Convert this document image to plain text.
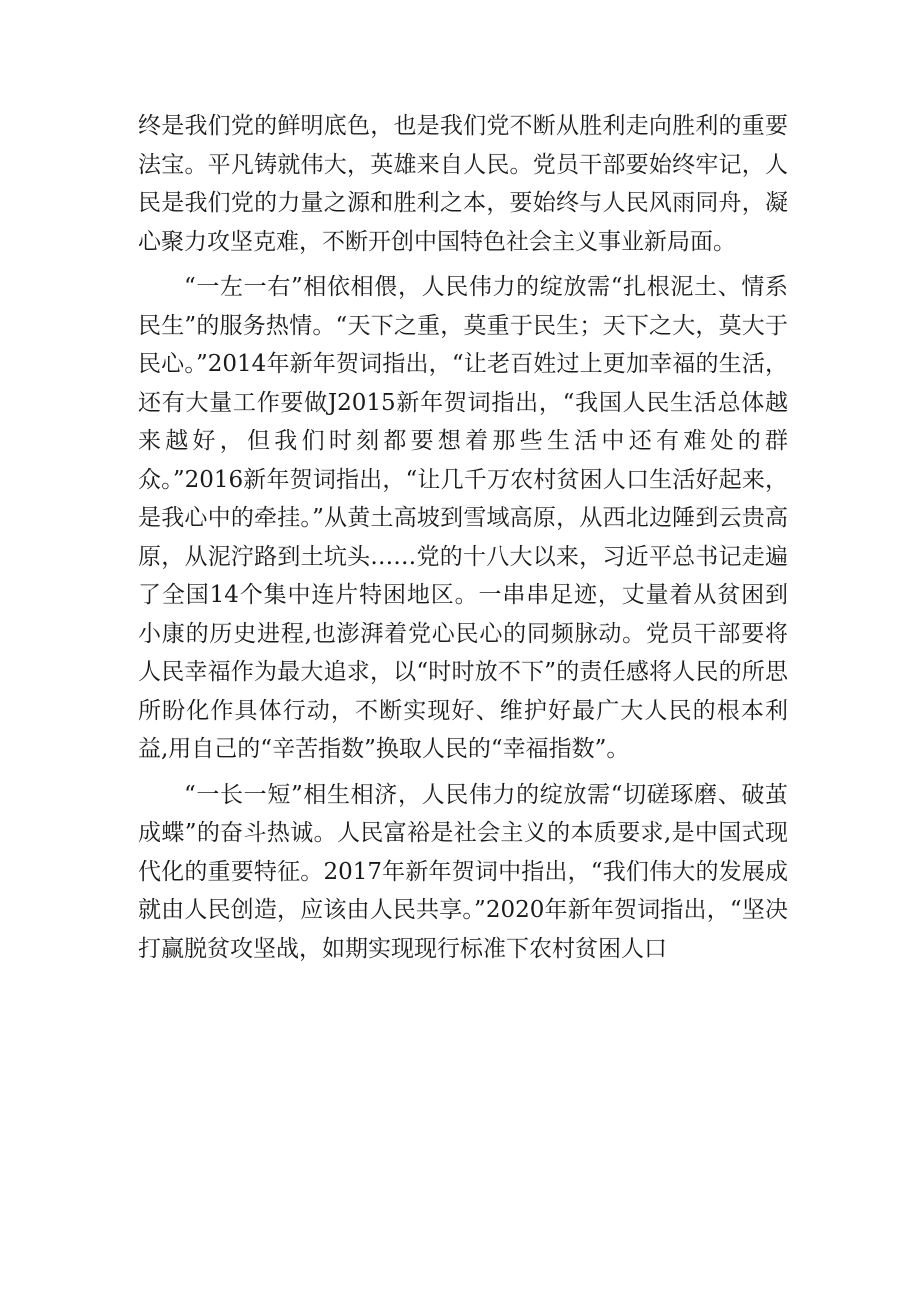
终是我们党的鲜明底色，也是我们党不断从胜利走向胜利的重要法宝。平凡铸就伟大，英雄来自人民。党员干部要始终牢记，人民是我们党的力量之源和胜利之本，要始终与人民风雨同舟，凝心聚力攻坚克难，不断开创中国特色社会主义事业新局面。

“一左一右”相依相偎，人民伟力的绽放需“扎根泥土、情系民生”的服务热情。“天下之重，莫重于民生；天下之大，莫大于民心。”2014年新年贺词指出，“让老百姓过上更加幸福的生活，还有大量工作要做J2015新年贺词指出，“我国人民生活总体越来越好，但我们时刻都要想着那些生活中还有难处的群众。”2016新年贺词指出，“让几千万农村贫困人口生活好起来，是我心中的牵挂。”从黄土高坡到雪域高原，从西北边陲到云贵高原，从泥泞路到土坑头……党的十八大以来，习近平总书记走遍了全国14个集中连片特困地区。一串串足迹，丈量着从贫困到小康的历史进程,也澎湃着党心民心的同频脉动。党员干部要将人民幸福作为最大追求，以“时时放不下”的责任感将人民的所思所盼化作具体行动，不断实现好、维护好最广大人民的根本利益,用自己的“辛苦指数”换取人民的“幸福指数”。

“一长一短”相生相济，人民伟力的绽放需“切磋琢磨、破茧成蝶”的奋斗热诚。人民富裕是社会主义的本质要求,是中国式现代化的重要特征。2017年新年贺词中指出，“我们伟大的发展成就由人民创造，应该由人民共享。”2020年新年贺词指出，“坚决打赢脱贫攻坚战，如期实现现行标准下农村贫困人口
